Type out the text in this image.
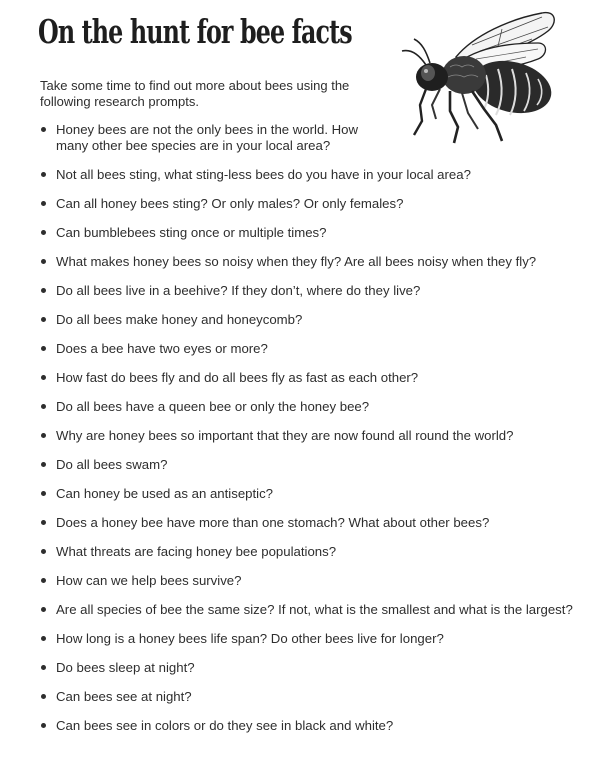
On the hunt for bee facts

Take some time to find out more about bees using the following research prompts.

Honey bees are not the only bees in the world. How many other bee species are in your local area?
Not all bees sting, what sting-less bees do you have in your local area?
Can all honey bees sting? Or only males? Or only females?
Can bumblebees sting once or multiple times?
What makes honey bees so noisy when they fly? Are all bees noisy when they fly?
Do all bees live in a beehive? If they don’t, where do they live?
Do all bees make honey and honeycomb?
Does a bee have two eyes or more?
How fast do bees fly and do all bees fly as fast as each other?
Do all bees have a queen bee or only the honey bee?
Why are honey bees so important that they are now found all round the world?
Do all bees swam?
Can honey be used as an antiseptic?
Does a honey bee have more than one stomach? What about other bees?
What threats are facing honey bee populations?
How can we help bees survive?
Are all species of bee the same size? If not, what is the smallest and what is the largest?
How long is a honey bees life span? Do other bees live for longer?
Do bees sleep at night?
Can bees see at night?
Can bees see in colors or do they see in black and white?
